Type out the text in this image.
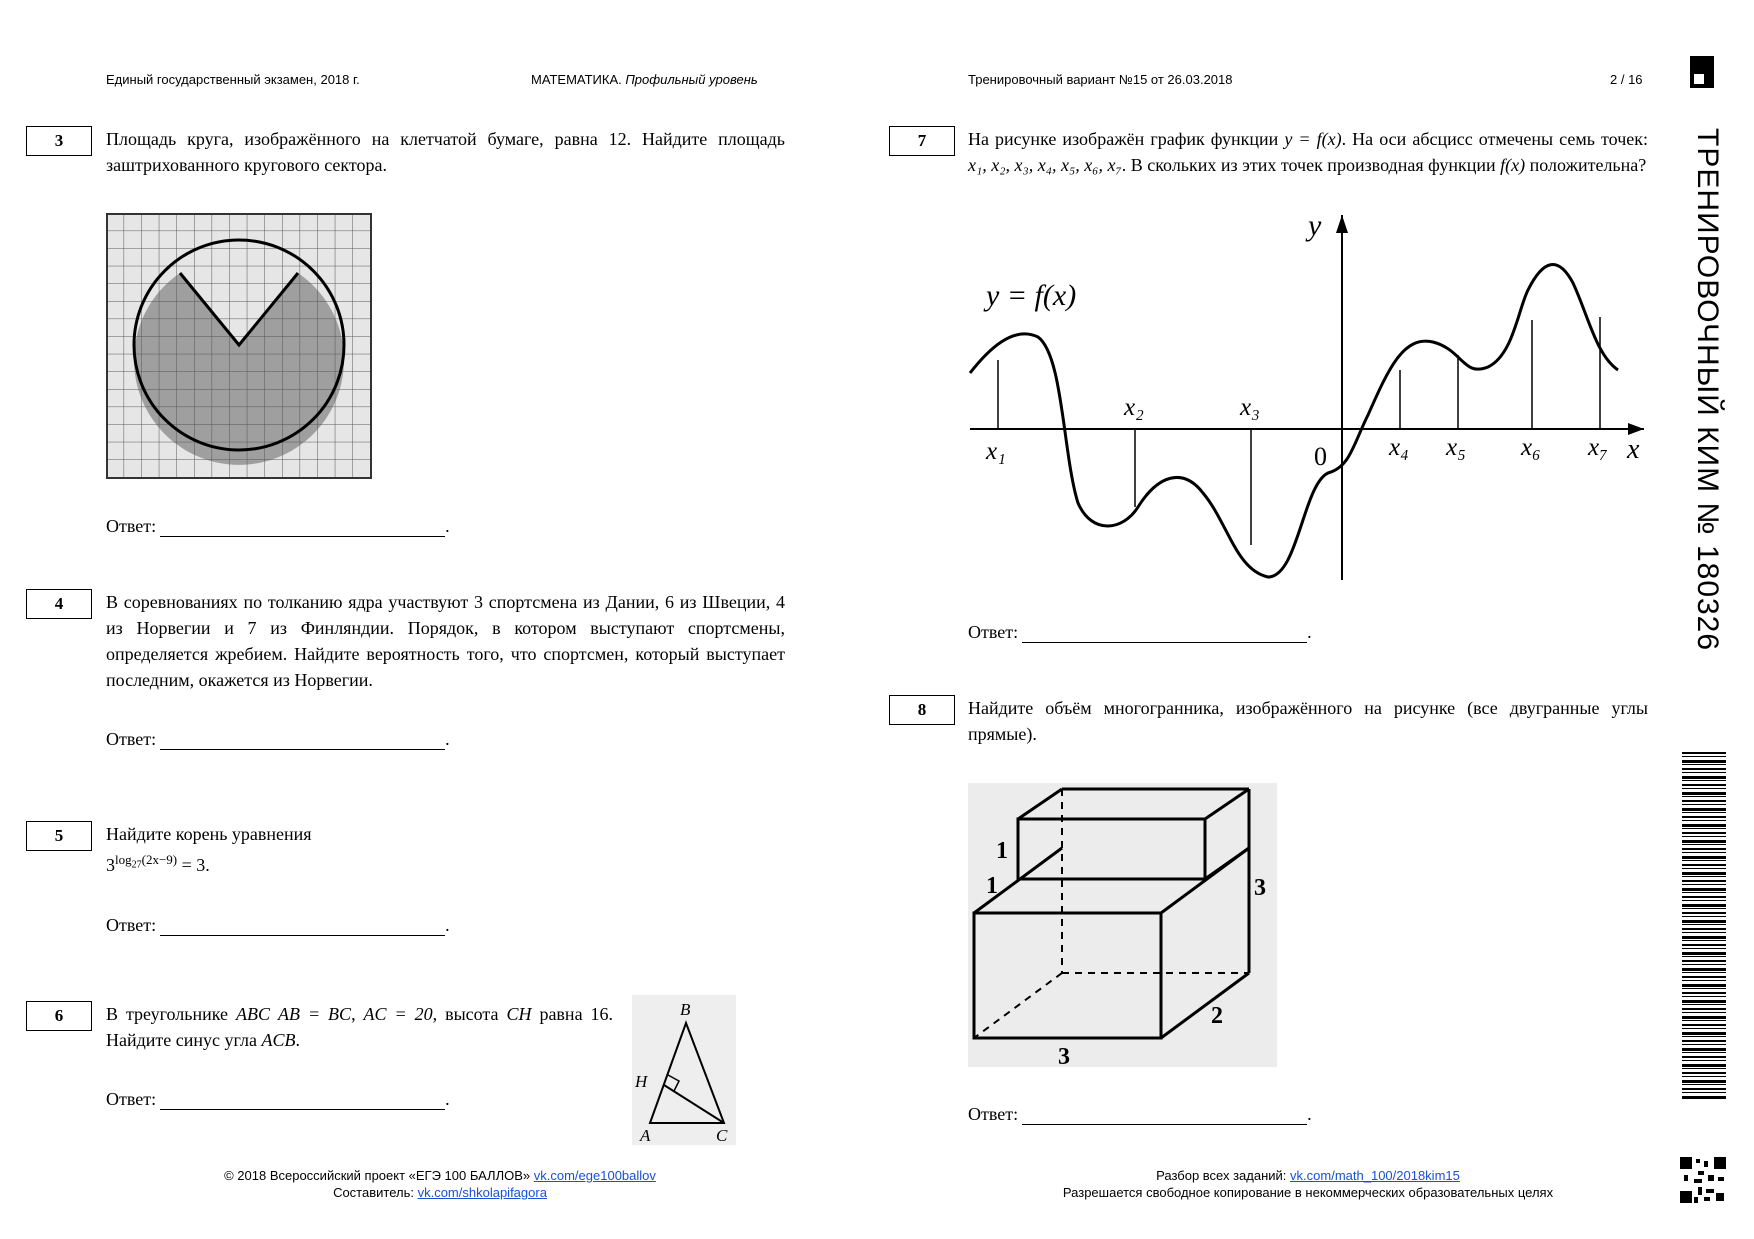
Единый государственный экзамен, 2018 г.	МАТЕМАТИКА. Профильный уровень	Тренировочный вариант №15 от 26.03.2018	2 / 16
3	Площадь круга, изображённого на клетчатой бумаге, равна 12. Найдите площадь заштрихованного кругового сектора.
Ответ:	.
4	В соревнованиях по толканию ядра участвуют 3 спортсмена из Дании, 6 из Швеции, 4 из Норвегии и 7 из Финляндии. Порядок, в котором выступают спортсмены, определяется жребием. Найдите вероятность того, что спортсмен, который выступает последним, окажется из Норвегии.
Ответ:	.
5	Найдите корень уравнения
$3^{log_{27}(2x-9)} = 3$.
Ответ:	.
6	В треугольнике ABC AB = BC, AC = 20, высота CH равна 16. Найдите синус угла ACB.
B
H
A	C
Ответ:	.
7	На рисунке изображён график функции y = f(x). На оси абсцисс отмечены семь точек: x₁, x₂, x₃, x₄, x₅, x₆, x₇. В скольких из этих точек производная функции f(x) положительна?
y
x
0
y = f(x)
x₁
x₂	x₃
x₄ x₅ x₆ x₇
Ответ:	.
8	Найдите объём многогранника, изображённого на рисунке (все двугранные углы прямые).
1
1	3
2
3
Ответ:	.
ТРЕНИРОВОЧНЫЙ КИМ № 180326
© 2018 Всероссийский проект «ЕГЭ 100 БАЛЛОВ» vk.com/ege100ballov
Составитель: vk.com/shkolapifagora
Разбор всех заданий: vk.com/math_100/2018kim15
Разрешается свободное копирование в некоммерческих образовательных целях
